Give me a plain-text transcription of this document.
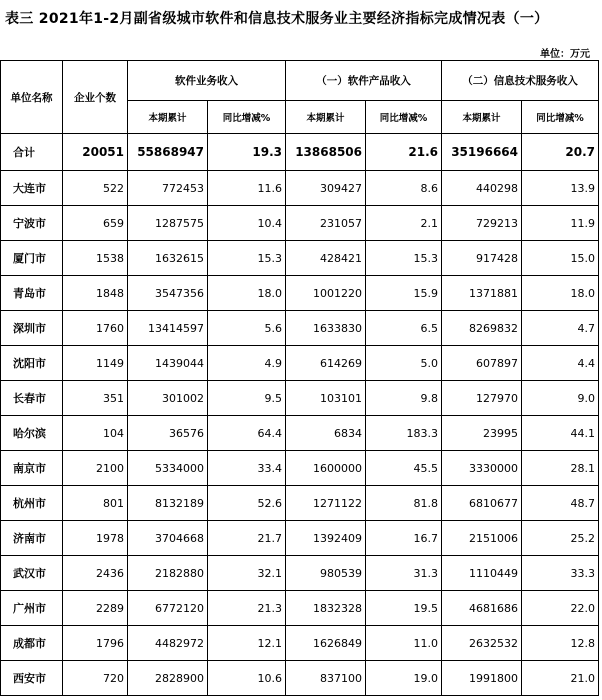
表三 2021年1-2月副省级城市软件和信息技术服务业主要经济指标完成情况表（一）
单位：万元
单位名称	企业个数	软件业务收入		（一）软件产品收入		（二）信息技术服务收入	
		本期累计	同比增减%	本期累计	同比增减%	本期累计	同比增减%
合计	20051	55868947	19.3	13868506	21.6	35196664	20.7
大连市	522	772453	11.6	309427	8.6	440298	13.9
宁波市	659	1287575	10.4	231057	2.1	729213	11.9
厦门市	1538	1632615	15.3	428421	15.3	917428	15.0
青岛市	1848	3547356	18.0	1001220	15.9	1371881	18.0
深圳市	1760	13414597	5.6	1633830	6.5	8269832	4.7
沈阳市	1149	1439044	4.9	614269	5.0	607897	4.4
长春市	351	301002	9.5	103101	9.8	127970	9.0
哈尔滨	104	36576	64.4	6834	183.3	23995	44.1
南京市	2100	5334000	33.4	1600000	45.5	3330000	28.1
杭州市	801	8132189	52.6	1271122	81.8	6810677	48.7
济南市	1978	3704668	21.7	1392409	16.7	2151006	25.2
武汉市	2436	2182880	32.1	980539	31.3	1110449	33.3
广州市	2289	6772120	21.3	1832328	19.5	4681686	22.0
成都市	1796	4482972	12.1	1626849	11.0	2632532	12.8
西安市	720	2828900	10.6	837100	19.0	1991800	21.0
